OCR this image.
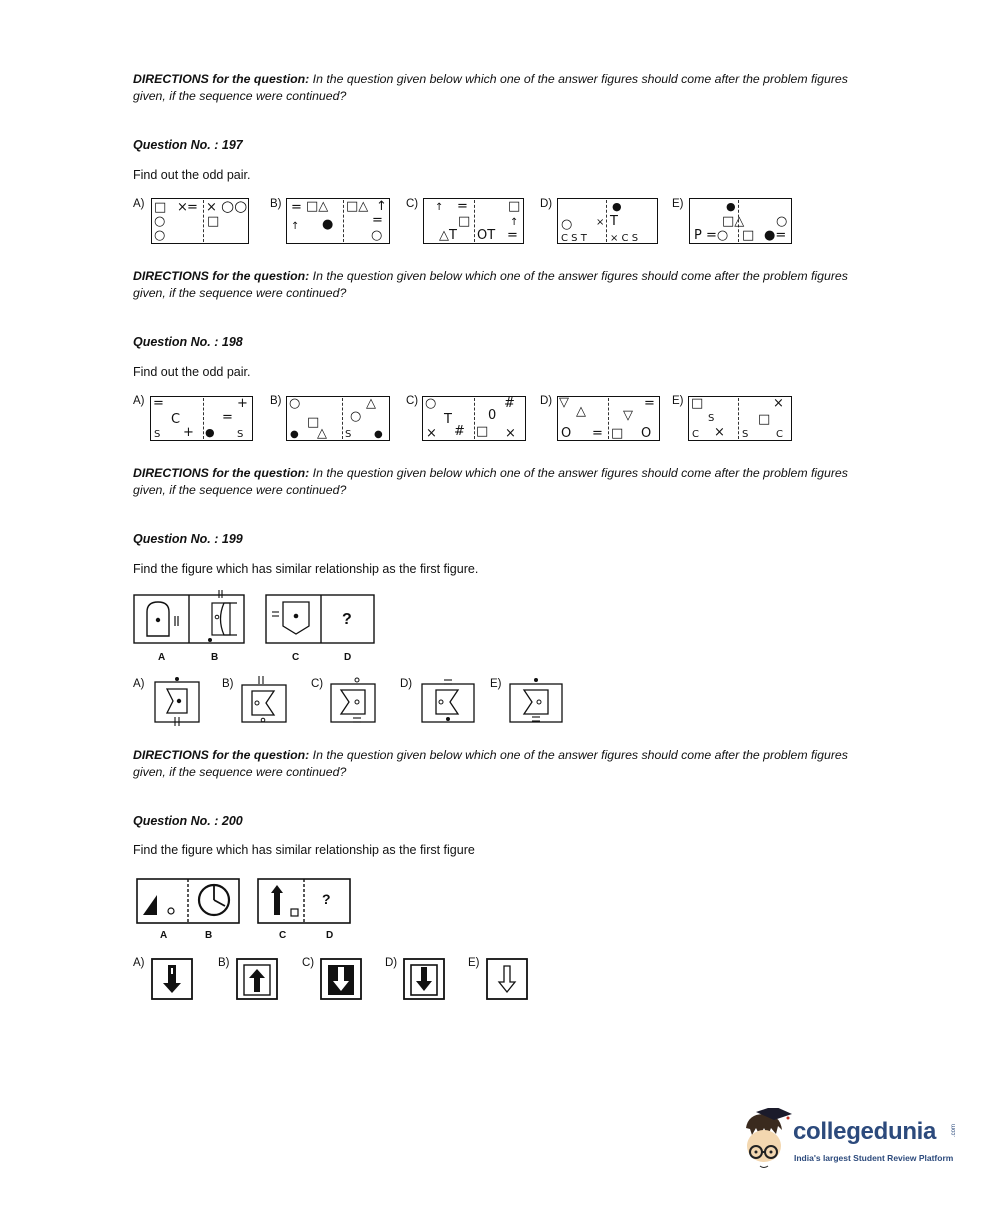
DIRECTIONS for the question: In the question given below which one of the answer figures should come after the problem figures given, if the sequence were continued?
Question No. : 197
Find out the odd pair.
A) □ × = × ○○
○	□
○
B) = □△ □△ ↑
↑ ●	=
○
C) ↑ =	□
□	↑
△T OT =
D)	●
○ × T
C S T × C S
E)	●
□△ ○
P =○ □ ●=
DIRECTIONS for the question: In the question given below which one of the answer figures should come after the problem figures given, if the sequence were continued?
Question No. : 198
Find out the odd pair.
A) =	+
C	=
S + ● S
B) ○	△
○
□
● △ S ●
C) ○	#
T	0
× # □ ×
D) ▽
△
=
▽
O = □ O
E) □	×
S	□
C × S	C
DIRECTIONS for the question: In the question given below which one of the answer figures should come after the problem figures given, if the sequence were continued?
Question No. : 199
Find the figure which has similar relationship as the first figure.
?
A	B	C	D
A)	B)	C)	D)	E)
DIRECTIONS for the question: In the question given below which one of the answer figures should come after the problem figures given, if the sequence were continued?
Question No. : 200
Find the figure which has similar relationship as the first figure
?
A	B	C	D
A)	B)	C)	D)	E)
collegedunia .com
India's largest Student Review Platform
